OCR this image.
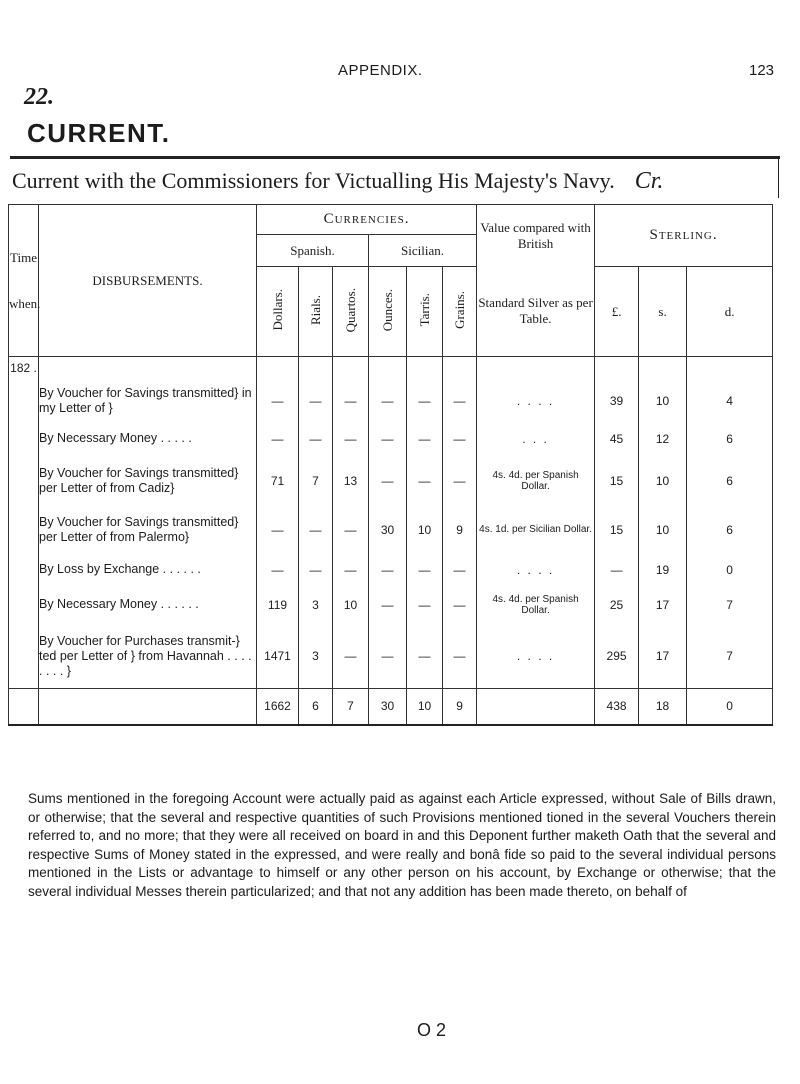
APPENDIX.	123
22.
CURRENT.
Current with the Commissioners for Victualling His Majesty's Navy. Cr.
Time
when.	DISBURSEMENTS.	Currencies.						Value compared with British	Sterling.		
		Spanish.			Sicilian.						
		Dollars.	Rials.	Quartos.	Ounces.	Tarris.	Grains.	Standard Silver as per Table.	£.	s.	d.
182 .											
	By Voucher for Savings transmitted} in my Letter of }	—	—	—	—	—	—	. . . .	39	10	4
	By Necessary Money . . . . .	—	—	—	—	—	—	. . .	45	12	6
	By Voucher for Savings transmitted} per Letter of from Cadiz}	71	7	13	—	—	—	4s. 4d. per Spanish Dollar.	15	10	6
	By Voucher for Savings transmitted} per Letter of from Palermo}	—	—	—	30	10	9	4s. 1d. per Sicilian Dollar.	15	10	6
	By Loss by Exchange . . . . . .	—	—	—	—	—	—	. . . .	—	19	0
	By Necessary Money . . . . . .	119	3	10	—	—	—	4s. 4d. per Spanish Dollar.	25	17	7
	By Voucher for Purchases transmit-} ted per Letter of } from Havannah . . . . . . . . }	1471	3	—	—	—	—	. . . .	295	17	7
		1662	6	7	30	10	9		438	18	0
Sums mentioned in the foregoing Account were actually paid as against each Article expressed, without Sale of Bills drawn, or otherwise; that the several and respective quantities of such Provisions mentioned tioned in the several Vouchers therein referred to, and no more; that they were all received on board in and this Deponent further maketh Oath that the several and respective Sums of Money stated in the expressed, and were really and bonâ fide so paid to the several individual persons mentioned in the Lists or advantage to himself or any other person on his account, by Exchange or otherwise; that the several individual Messes therein particularized; and that not any addition has been made thereto, on behalf of
O 2
